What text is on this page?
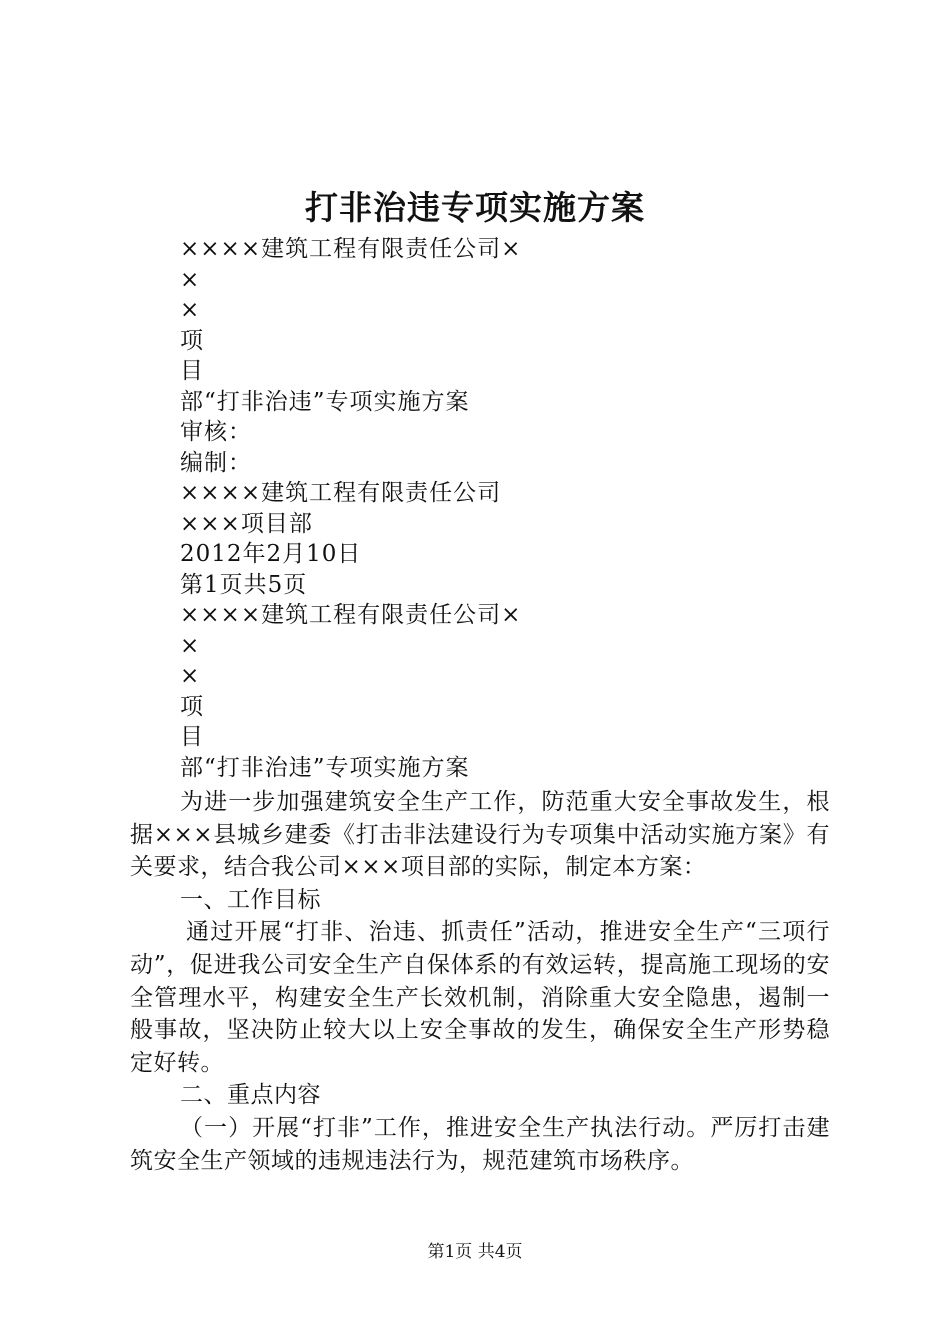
打非治违专项实施方案
××××建筑工程有限责任公司×
×
×
项
目
部“打非治违”专项实施方案
审核：
编制：
××××建筑工程有限责任公司
×××项目部
2012年2月10日
第1页共5页
××××建筑工程有限责任公司×
×
×
项
目
部“打非治违”专项实施方案

为进一步加强建筑安全生产工作，防范重大安全事故发生，根据×××县城乡建委《打击非法建设行为专项集中活动实施方案》有关要求，结合我公司×××项目部的实际，制定本方案：

一、工作目标

通过开展“打非、治违、抓责任”活动，推进安全生产“三项行动”，促进我公司安全生产自保体系的有效运转，提高施工现场的安全管理水平，构建安全生产长效机制，消除重大安全隐患，遏制一般事故，坚决防止较大以上安全事故的发生，确保安全生产形势稳定好转。

二、重点内容

（一）开展“打非”工作，推进安全生产执法行动。严厉打击建筑安全生产领域的违规违法行为，规范建筑市场秩序。

第1页 共4页
